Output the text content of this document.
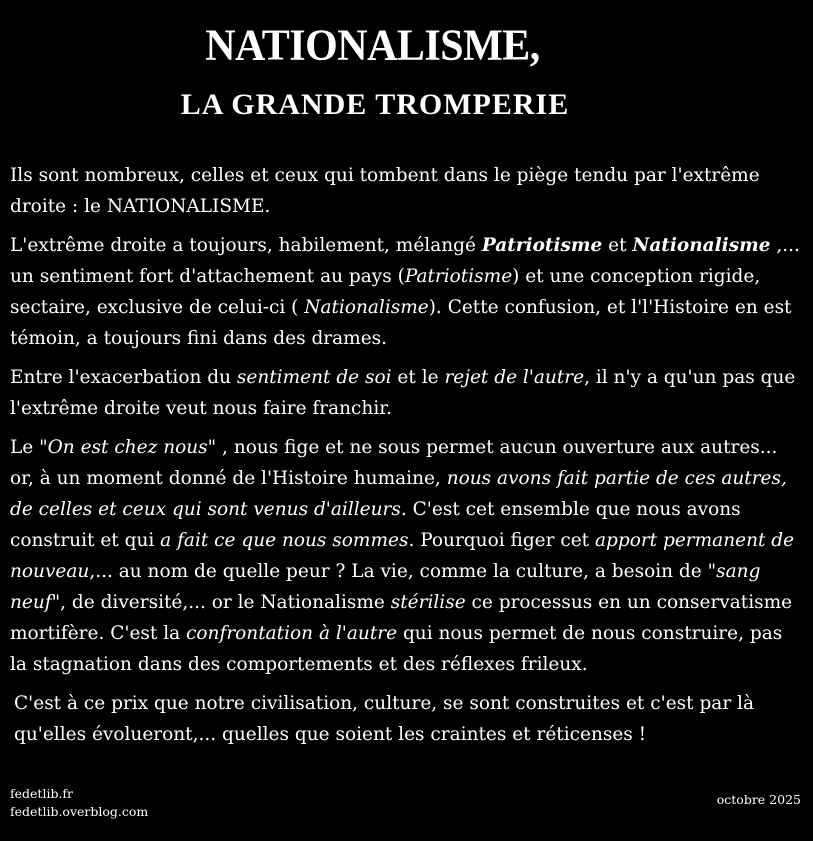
NATIONALISME,
LA GRANDE TROMPERIE

Ils sont nombreux, celles et ceux qui tombent dans le piège tendu par l'extrême droite : le NATIONALISME.

L'extrême droite a toujours, habilement, mélangé Patriotisme et Nationalisme ,... un sentiment fort d'attachement au pays (Patriotisme) et une conception rigide, sectaire, exclusive de celui-ci ( Nationalisme). Cette confusion, et l'l'Histoire en est témoin, a toujours fini dans des drames.

Entre l'exacerbation du sentiment de soi et le rejet de l'autre, il n'y a qu'un pas que l'extrême droite veut nous faire franchir.

Le "On est chez nous" , nous fige et ne sous permet aucun ouverture aux autres... or, à un moment donné de l'Histoire humaine, nous avons fait partie de ces autres, de celles et ceux qui sont venus d'ailleurs. C'est cet ensemble que nous avons construit et qui a fait ce que nous sommes. Pourquoi figer cet apport permanent de nouveau,... au nom de quelle peur ? La vie, comme la culture, a besoin de "sang neuf", de diversité,... or le Nationalisme stérilise ce processus en un conservatisme mortifère. C'est la confrontation à l'autre qui nous permet de nous construire, pas la stagnation dans des comportements et des réflexes frileux.

C'est à ce prix que notre civilisation, culture, se sont construites et c'est par là qu'elles évolueront,... quelles que soient les craintes et réticenses !

fedetlib.fr
fedetlib.overblog.com
octobre 2025
